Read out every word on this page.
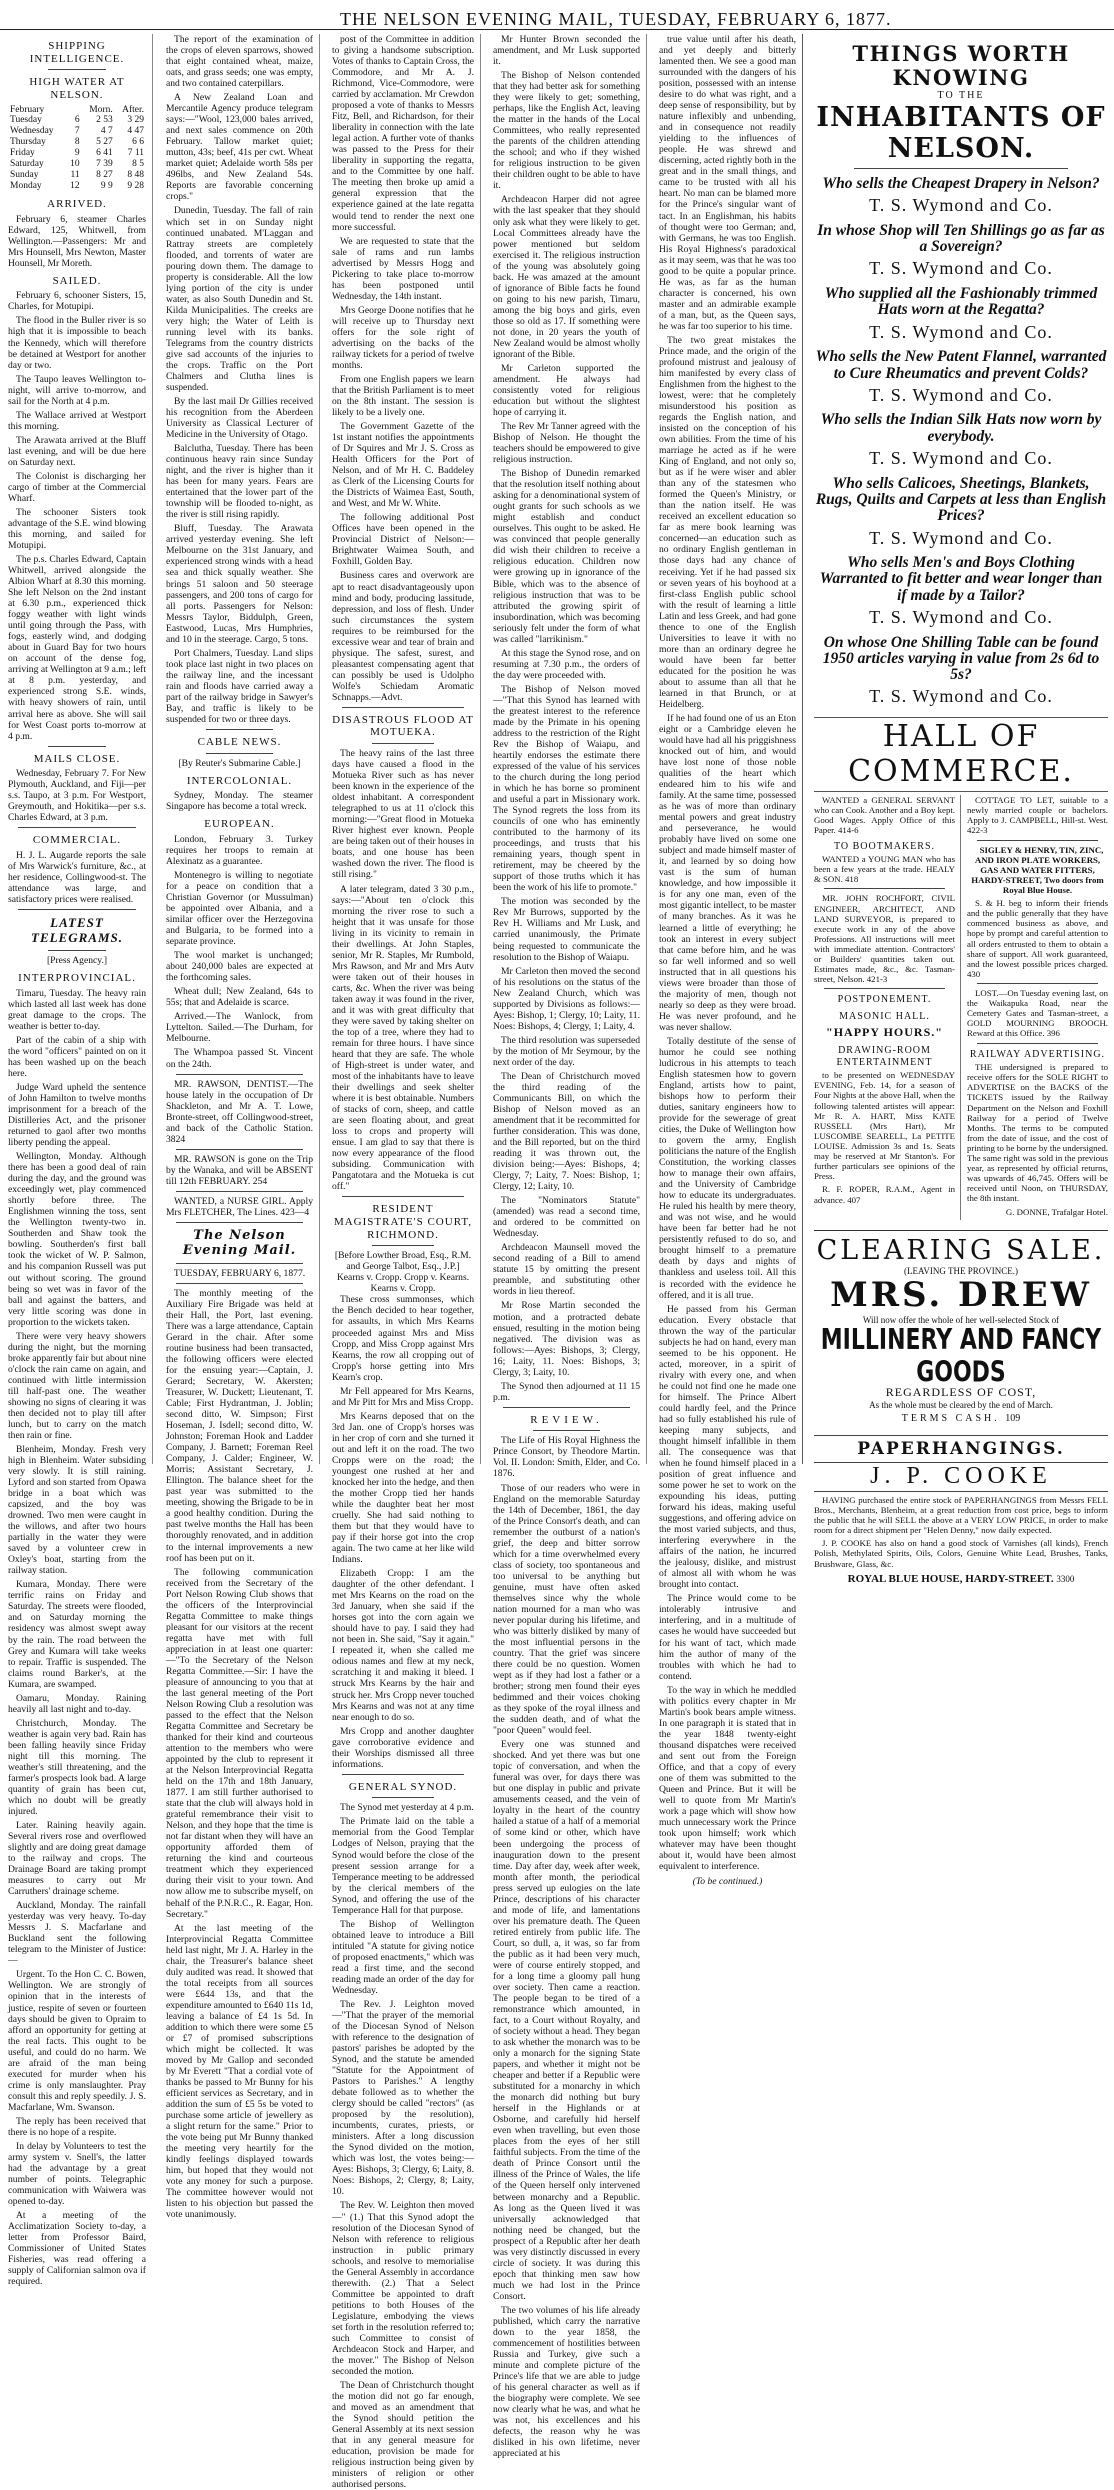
THE NELSON EVENING MAIL, TUESDAY, FEBRUARY 6, 1877.
SHIPPING INTELLIGENCE.
HIGH WATER AT NELSON.
February		Morn.	After.
Tuesday	6	2 53	3 29
Wednesday	7	4 7	4 47
Thursday	8	5 27	6 6
Friday	9	6 41	7 11
Saturday	10	7 39	8 5
Sunday	11	8 27	8 48
Monday	12	9 9	9 28
ARRIVED.

February 6, steamer Charles Edward, 125, Whitwell, from Wellington.—Passengers: Mr and Mrs Hounsell, Mrs Newton, Master Hounsell, Mr Moreth.

SAILED.

February 6, schooner Sisters, 15, Charles, for Motupipi.

The flood in the Buller river is so high that it is impossible to beach the Kennedy, which will therefore be detained at Westport for another day or two.

The Taupo leaves Wellington to-night, will arrive to-morrow, and sail for the North at 4 p.m.

The Wallace arrived at Westport this morning.

The Arawata arrived at the Bluff last evening, and will be due here on Saturday next.

The Colonist is discharging her cargo of timber at the Commercial Wharf.

The schooner Sisters took advantage of the S.E. wind blowing this morning, and sailed for Motupipi.

The p.s. Charles Edward, Captain Whitwell, arrived alongside the Albion Wharf at 8.30 this morning. She left Nelson on the 2nd instant at 6.30 p.m., experienced thick foggy weather with light winds until going through the Pass, with fogs, easterly wind, and dodging about in Guard Bay for two hours on account of the dense fog, arriving at Wellington at 9 a.m.; left at 8 p.m. yesterday, and experienced strong S.E. winds, with heavy showers of rain, until arrival here as above. She will sail for West Coast ports to-morrow at 4 p.m.

MAILS CLOSE.

Wednesday, February 7. For New Plymouth, Auckland, and Fiji—per s.s. Taupo, at 3 p.m. For Westport, Greymouth, and Hokitika—per s.s. Charles Edward, at 3 p.m.

COMMERCIAL.

H. J. L. Augarde reports the sale of Mrs Warwick's furniture, &c., at her residence, Collingwood-st. The attendance was large, and satisfactory prices were realised.

LATEST TELEGRAMS.
[Press Agency.]
INTERPROVINCIAL.

Timaru, Tuesday. The heavy rain which lasted all last week has done great damage to the crops. The weather is better to-day.

Part of the cabin of a ship with the word "officers" painted on on it has been washed up on the beach here.

Judge Ward upheld the sentence of John Hamilton to twelve months imprisonment for a breach of the Distilleries Act, and the prisoner returned to gaol after two months liberty pending the appeal.

Wellington, Monday. Although there has been a good deal of rain during the day, and the ground was exceedingly wet, play commenced shortly before three. The Englishmen winning the toss, sent the Wellington twenty-two in. Southerden and Shaw took the bowling. Southerden's first ball took the wicket of W. P. Salmon, and his companion Russell was put out without scoring. The ground being so wet was in favor of the ball and against the batters, and very little scoring was done in proportion to the wickets taken.

There were very heavy showers during the night, but the morning broke apparently fair but about nine o'clock the rain came on again, and continued with little intermission till half-past one. The weather showing no signs of clearing it was then decided not to play till after lunch, but to carry on the match then rain or fine.

Blenheim, Monday. Fresh very high in Blenheim. Water subsiding very slowly. It is still raining. Lyford and son started from Opawa bridge in a boat which was capsized, and the boy was drowned. Two men were caught in the willows, and after two hours partially in the water they were saved by a volunteer crew in Oxley's boat, starting from the railway station.

Kumara, Monday. There were terrific rains on Friday and Saturday. The streets were flooded, and on Saturday morning the residency was almost swept away by the rain. The road between the Grey and Kumara will take weeks to repair. Traffic is suspended. The claims round Barker's, at the Kumara, are swamped.

Oamaru, Monday. Raining heavily all last night and to-day.

Christchurch, Monday. The weather is again very bad. Rain has been falling heavily since Friday night till this morning. The weather's still threatening, and the farmer's prospects look bad. A large quantity of grain has been cut, which no doubt will be greatly injured.

Later. Raining heavily again. Several rivers rose and overflowed slightly and are doing great damage to the railway and crops. The Drainage Board are taking prompt measures to carry out Mr Carruthers' drainage scheme.

Auckland, Monday. The rainfall yesterday was very heavy. To-day Messrs J. S. Macfarlane and Buckland sent the following telegram to the Minister of Justice:—

Urgent. To the Hon C. C. Bowen, Wellington. We are strongly of opinion that in the interests of justice, respite of seven or fourteen days should be given to Opraim to afford an opportunity for getting at the real facts. This ought to be useful, and could do no harm. We are afraid of the man being executed for murder when his crime is only manslaughter. Pray consult this and reply speedily. J. S. Macfarlane, Wm. Swanson.

The reply has been received that there is no hope of a respite.

In delay by Volunteers to test the army system v. Snell's, the latter had the advantage by a great number of points. Telegraphic communication with Waiwera was opened to-day.

At a meeting of the Acclimatization Society to-day, a letter from Professor Baird, Commissioner of United States Fisheries, was read offering a supply of Californian salmon ova if required.

The report of the examination of the crops of eleven sparrows, showed that eight contained wheat, maize, oats, and grass seeds; one was empty, and two contained caterpillars.

A New Zealand Loan and Mercantile Agency produce telegram says:—"Wool, 123,000 bales arrived, and next sales commence on 20th February. Tallow market quiet; mutton, 43s; beef, 41s per cwt. Wheat market quiet; Adelaide worth 58s per 496lbs, and New Zealand 54s. Reports are favorable concerning crops."

Dunedin, Tuesday. The fall of rain which set in on Sunday night continued unabated. M'Laggan and Rattray streets are completely flooded, and torrents of water are pouring down them. The damage to property is considerable. All the low lying portion of the city is under water, as also South Dunedin and St. Kilda Municipalities. The creeks are very high; the Water of Leith is running level with its banks. Telegrams from the country districts give sad accounts of the injuries to the crops. Traffic on the Port Chalmers and Clutha lines is suspended.

By the last mail Dr Gillies received his recognition from the Aberdeen University as Classical Lecturer of Medicine in the University of Otago.

Balclutha, Tuesday. There has been continuous heavy rain since Sunday night, and the river is higher than it has been for many years. Fears are entertained that the lower part of the township will be flooded to-night, as the river is still rising rapidly.

Bluff, Tuesday. The Arawata arrived yesterday evening. She left Melbourne on the 31st January, and experienced strong winds with a head sea and thick squally weather. She brings 51 saloon and 50 steerage passengers, and 200 tons of cargo for all ports. Passengers for Nelson: Messrs Taylor, Biddulph, Green, Eastwood, Lucas, Mrs Humphries, and 10 in the steerage. Cargo, 5 tons.

Port Chalmers, Tuesday. Land slips took place last night in two places on the railway line, and the incessant rain and floods have carried away a part of the railway bridge in Sawyer's Bay, and traffic is likely to be suspended for two or three days.

CABLE NEWS.
[By Reuter's Submarine Cable.]
INTERCOLONIAL.

Sydney, Monday. The steamer Singapore has become a total wreck.

EUROPEAN.

London, February 3. Turkey requires her troops to remain at Alexinatz as a guarantee.

Montenegro is willing to negotiate for a peace on condition that a Christian Governor (or Mussulman) be appointed over Albania, and a similar officer over the Herzegovina and Bulgaria, to be formed into a separate province.

The wool market is unchanged; about 240,000 bales are expected at the forthcoming sales.

Wheat dull; New Zealand, 64s to 55s; that and Adelaide is scarce.

Arrived.—The Wanlock, from Lyttelton. Sailed.—The Durham, for Melbourne.

The Whampoa passed St. Vincent on the 24th.

MR. RAWSON, DENTIST.—The house lately in the occupation of Dr Shackleton, and Mr A. T. Lowe, Bronte-street, off Collingwood-street, and back of the Catholic Station. 3824

MR. RAWSON is gone on the Trip by the Wanaka, and will be ABSENT till 12th FEBRUARY. 254

WANTED, a NURSE GIRL. Apply Mrs FLETCHER, The Lines. 423—4

The Nelson Evening Mail.
TUESDAY, FEBRUARY 6, 1877.

The monthly meeting of the Auxiliary Fire Brigade was held at their Hall, the Port, last evening. There was a large attendance, Captain Gerard in the chair. After some routine business had been transacted, the following officers were elected for the ensuing year:—Captain, J. Gerard; Secretary, W. Akersten; Treasurer, W. Duckett; Lieutenant, T. Cable; First Hydrantman, J. Joblin; second ditto, W. Simpson; First Hoseman, J. Isdell; second ditto, W. Johnston; Foreman Hook and Ladder Company, J. Barnett; Foreman Reel Company, J. Calder; Engineer, W. Morris; Assistant Secretary, J. Ellington. The balance sheet for the past year was submitted to the meeting, showing the Brigade to be in a good healthy condition. During the past twelve months the Hall has been thoroughly renovated, and in addition to the internal improvements a new roof has been put on it.

The following communication received from the Secretary of the Port Nelson Rowing Club shows that the officers of the Interprovincial Regatta Committee to make things pleasant for our visitors at the recent regatta have met with full appreciation in at least one quarter:—"To the Secretary of the Nelson Regatta Committee.—Sir: I have the pleasure of announcing to you that at the last general meeting of the Port Nelson Rowing Club a resolution was passed to the effect that the Nelson Regatta Committee and Secretary be thanked for their kind and courteous attention to the members who were appointed by the club to represent it at the Nelson Interprovincial Regatta held on the 17th and 18th January, 1877. I am still further authorised to state that the club will always hold in grateful remembrance their visit to Nelson, and they hope that the time is not far distant when they will have an opportunity afforded them of returning the kind and courteous treatment which they experienced during their visit to your town. And now allow me to subscribe myself, on behalf of the P.N.R.C., R. Eagar, Hon. Secretary."

At the last meeting of the Interprovincial Regatta Committee held last night, Mr J. A. Harley in the chair, the Treasurer's balance sheet duly audited was read. It showed that the total receipts from all sources were £644 13s, and that the expenditure amounted to £640 11s 1d, leaving a balance of £4 1s 5d. In addition to which there were some £5 or £7 of promised subscriptions which might be collected. It was moved by Mr Gallop and seconded by Mr Everett "That a cordial vote of thanks be passed to Mr Bunny for his efficient services as Secretary, and in addition the sum of £5 5s be voted to purchase some article of jewellery as a slight return for the same." Prior to the vote being put Mr Bunny thanked the meeting very heartily for the kindly feelings displayed towards him, but hoped that they would not vote any money for such a purpose. The committee however would not listen to his objection but passed the vote unanimously.

post of the Committee in addition to giving a handsome subscription. Votes of thanks to Captain Cross, the Commodore, and Mr A. J. Richmond, Vice-Commodore, were carried by acclamation. Mr Crewdon proposed a vote of thanks to Messrs Fitz, Bell, and Richardson, for their liberality in connection with the late legal action. A further vote of thanks was passed to the Press for their liberality in supporting the regatta, and to the Committee by one half. The meeting then broke up amid a general expression that the experience gained at the late regatta would tend to render the next one more successful.

We are requested to state that the sale of rams and run lambs advertised by Messrs Hogg and Pickering to take place to-morrow has been postponed until Wednesday, the 14th instant.

Mrs George Doone notifies that he will receive up to Thursday next offers for the sole right of advertising on the backs of the railway tickets for a period of twelve months.

From one English papers we learn that the British Parliament is to meet on the 8th instant. The session is likely to be a lively one.

The Government Gazette of the 1st instant notifies the appointments of Dr Squires and Mr J. S. Cross as Health Officers for the Port of Nelson, and of Mr H. C. Baddeley as Clerk of the Licensing Courts for the Districts of Waimea East, South, and West, and Mr W. White.

The following additional Post Offices have been opened in the Provincial District of Nelson:—Brightwater Waimea South, and Foxhill, Golden Bay.

Business cares and overwork are apt to react disadvantageously upon mind and body, producing lassitude, depression, and loss of flesh. Under such circumstances the system requires to be reimbursed for the excessive wear and tear of brain and physique. The safest, surest, and pleasantest compensating agent that can possibly be used is Udolpho Wolfe's Schiedam Aromatic Schnapps.—Advt.

DISASTROUS FLOOD AT MOTUEKA.

The heavy rains of the last three days have caused a flood in the Motueka River such as has never been known in the experience of the oldest inhabitant. A correspondent telegraphed to us at 11 o'clock this morning:—"Great flood in Motueka River highest ever known. People are being taken out of their houses in boats, and one house has been washed down the river. The flood is still rising."

A later telegram, dated 3 30 p.m., says:—"About ten o'clock this morning the river rose to such a height that it was unsafe for those living in its vicinity to remain in their dwellings. At John Staples, senior, Mr R. Staples, Mr Rumbold, Mrs Rawson, and Mr and Mrs Autv were taken out of their houses in carts, &c. When the river was being taken away it was found in the river, and it was with great difficulty that they were saved by taking shelter on the top of a tree, where they had to remain for three hours. I have since heard that they are safe. The whole of High-street is under water, and most of the inhabitants have to leave their dwellings and seek shelter where it is best obtainable. Numbers of stacks of corn, sheep, and cattle are seen floating about, and great loss to crops and property will ensue. I am glad to say that there is now every appearance of the flood subsiding. Communication with Pangatotara and the Motueka is cut off."

RESIDENT MAGISTRATE'S COURT, RICHMOND.
[Before Lowther Broad, Esq., R.M. and George Talbot, Esq., J.P.]
Kearns v. Cropp. Cropp v. Kearns. Kearns v. Cropp.

These cross summonses, which the Bench decided to hear together, for assaults, in which Mrs Kearns proceeded against Mrs and Miss Cropp, and Miss Cropp against Mrs Kearns, the row all cropping out of Cropp's horse getting into Mrs Kearn's crop.

Mr Fell appeared for Mrs Kearns, and Mr Pitt for Mrs and Miss Cropp.

Mrs Kearns deposed that on the 3rd Jan. one of Cropp's horses was in her crop of corn and she turned it out and left it on the road. The two Cropps were on the road; the youngest one rushed at her and knocked her into the hedge, and then the mother Cropp tied her hands while the daughter beat her most cruelly. She had said nothing to them but that they would have to pay if their horse got into the crop again. The two came at her like wild Indians.

Elizabeth Cropp: I am the daughter of the other defendant. I met Mrs Kearns on the road on the 3rd January, when she said if the horses got into the corn again we should have to pay. I said they had not been in. She said, "Say it again." I repeated it, when she called me odious names and flew at my neck, scratching it and making it bleed. I struck Mrs Kearns by the hair and struck her. Mrs Cropp never touched Mrs Kearns and was not at any time near enough to do so.

Mrs Cropp and another daughter gave corroborative evidence and their Worships dismissed all three informations.

GENERAL SYNOD.

The Synod met yesterday at 4 p.m.

The Primate laid on the table a memorial from the Good Templar Lodges of Nelson, praying that the Synod would before the close of the present session arrange for a Temperance meeting to be addressed by the clerical members of the Synod, and offering the use of the Temperance Hall for that purpose.

The Bishop of Wellington obtained leave to introduce a Bill intituled "A statute for giving notice of proposed enactments," which was read a first time, and the second reading made an order of the day for Wednesday.

The Rev. J. Leighton moved—"That the prayer of the memorial of the Diocesan Synod of Nelson with reference to the designation of pastors' parishes be adopted by the Synod, and the statute be amended "Statute for the Appointment of Pastors to Parishes." A lengthy debate followed as to whether the clergy should be called "rectors" (as proposed by the resolution), incumbents, curates, priests, or ministers. After a long discussion the Synod divided on the motion, which was lost, the votes being:—Ayes: Bishops, 3; Clergy, 6; Laity, 8. Noes: Bishops, 2; Clergy, 8; Laity, 10.

The Rev. W. Leighton then moved—" (1.) That this Synod adopt the resolution of the Diocesan Synod of Nelson with reference to religious instruction in public primary schools, and resolve to memorialise the General Assembly in accordance therewith. (2.) That a Select Committee be appointed to draft petitions to both Houses of the Legislature, embodying the views set forth in the resolution referred to; such Committee to consist of Archdeacon Stock and Harper, and the mover." The Bishop of Nelson seconded the motion.

The Dean of Christchurch thought the motion did not go far enough, and moved as an amendment that the Synod should petition the General Assembly at its next session that in any general measure for education, provision be made for religious instruction being given by ministers of religion or other authorised persons.

Mr Hunter Brown seconded the amendment, and Mr Lusk supported it.

The Bishop of Nelson contended that they had better ask for something they were likely to get; something, perhaps, like the English Act, leaving the matter in the hands of the Local Committees, who really represented the parents of the children attending the school; and who if they wished for religious instruction to be given their children ought to be able to have it.

Archdeacon Harper did not agree with the last speaker that they should only ask what they were likely to get. Local Committees already have the power mentioned but seldom exercised it. The religious instruction of the young was absolutely going back. He was amazed at the amount of ignorance of Bible facts he found on going to his new parish, Timaru, among the big boys and girls, even those so old as 17. If something were not done, in 20 years the youth of New Zealand would be almost wholly ignorant of the Bible.

Mr Carleton supported the amendment. He always had consistently voted for religious education but without the slightest hope of carrying it.

The Rev Mr Tanner agreed with the Bishop of Nelson. He thought the teachers should be empowered to give religious instruction.

The Bishop of Dunedin remarked that the resolution itself nothing about asking for a denominational system of ought grants for such schools as we might establish and conduct ourselves. This ought to be asked. He was convinced that people generally did wish their children to receive a religious education. Children now were growing up in ignorance of the Bible, which was to the absence of religious instruction that was to be attributed the growing spirit of insubordination, which was becoming seriously felt under the form of what was called "larrikinism."

At this stage the Synod rose, and on resuming at 7.30 p.m., the orders of the day were proceeded with.

The Bishop of Nelson moved—"That this Synod has learned with the greatest interest to the reference made by the Primate in his opening address to the restriction of the Right Rev the Bishop of Waiapu, and heartily endorses the estimate there expressed of the value of his services to the church during the long period in which he has borne so prominent and useful a part in Missionary work. The Synod regrets the loss from its councils of one who has eminently contributed to the harmony of its proceedings, and trusts that his remaining years, though spent in retirement, may be cheered by the support of those truths which it has been the work of his life to promote."

The motion was seconded by the Rev Mr Burrows, supported by the Rev H. Williams and Mr Lusk, and carried unanimously, the Primate being requested to communicate the resolution to the Bishop of Waiapu.

Mr Carleton then moved the second of his resolutions on the status of the New Zealand Church, which was supported by Divisions as follows:—Ayes: Bishop, 1; Clergy, 10; Laity, 11. Noes: Bishops, 4; Clergy, 1; Laity, 4.

The third resolution was superseded by the motion of Mr Seymour, by the next order of the day.

The Dean of Christchurch moved the third reading of the Communicants Bill, on which the Bishop of Nelson moved as an amendment that it be recommitted for further consideration. This was done, and the Bill reported, but on the third reading it was thrown out, the division being:—Ayes: Bishops, 4; Clergy, 7; Laity, 7. Noes: Bishop, 1; Clergy, 12; Laity, 10.

The "Nominators Statute" (amended) was read a second time, and ordered to be committed on Wednesday.

Archdeacon Maunsell moved the second reading of a Bill to amend statute 15 by omitting the present preamble, and substituting other words in lieu thereof.

Mr Rose Martin seconded the motion, and a protracted debate ensued, resulting in the motion being negatived. The division was as follows:—Ayes: Bishops, 3; Clergy, 16; Laity, 11. Noes: Bishops, 3; Clergy, 3; Laity, 10.

The Synod then adjourned at 11 15 p.m.

REVIEW.

The Life of His Royal Highness the Prince Consort, by Theodore Martin. Vol. II. London: Smith, Elder, and Co. 1876.

Those of our readers who were in England on the memorable Saturday the 14th of December, 1861, the day of the Prince Consort's death, and can remember the outburst of a nation's grief, the deep and bitter sorrow which for a time overwhelmed every class of society, too spontaneous and too universal to be anything but genuine, must have often asked themselves since why the whole nation mourned for a man who was never popular during his lifetime, and who was bitterly disliked by many of the most influential persons in the country. That the grief was sincere there could be no question. Women wept as if they had lost a father or a brother; strong men found their eyes bedimmed and their voices choking as they spoke of the royal illness and the sudden death, and of what the "poor Queen" would feel.

Every one was stunned and shocked. And yet there was but one topic of conversation, and when the funeral was over, for days there was but one display in public and private amusements ceased, and the vein of loyalty in the heart of the country hailed a statue of a half of a memorial of some kind or other, which have been undergoing the process of inauguration down to the present time. Day after day, week after week, month after month, the periodical press served up eulogies on the late Prince, descriptions of his character and mode of life, and lamentations over his premature death. The Queen retired entirely from public life. The Court, so dull, a, it was, so far from the public as it had been very much, were of course entirely stopped, and for a long time a gloomy pall hung over society. Then came a reaction. The people began to be tired of a remonstrance which amounted, in fact, to a Court without Royalty, and of society without a head. They began to ask whether the monarch was to be only a monarch for the signing State papers, and whether it might not be cheaper and better if a Republic were substituted for a monarchy in which the monarch did nothing but bury herself in the Highlands or at Osborne, and carefully hid herself even when travelling, but even those places from the eyes of her still faithful subjects. From the time of the death of Prince Consort until the illness of the Prince of Wales, the life of the Queen herself only intervened between monarchy and a Republic. As long as the Queen lived it was universally acknowledged that nothing need be changed, but the prospect of a Republic after her death was very distinctly discussed in every circle of society. It was during this epoch that thinking men saw how much we had lost in the Prince Consort.

The two volumes of his life already published, which carry the narrative down to the year 1858, the commencement of hostilities between Russia and Turkey, give such a minute and complete picture of the Prince's life that we are able to judge of his general character as well as if the biography were complete. We see now clearly what he was, and what he was not, his excellences and his defects, the reason why he was disliked in his own lifetime, never appreciated at his

true value until after his death, and yet deeply and bitterly lamented then. We see a good man surrounded with the dangers of his position, possessed with an intense desire to do what was right, and a deep sense of responsibility, but by nature inflexibly and unbending, and in consequence not readily yielding to the influences of people. He was shrewd and discerning, acted rightly both in the great and in the small things, and came to be trusted with all his heart. No man can be blamed more for the Prince's singular want of tact. In an Englishman, his habits of thought were too German; and, with Germans, he was too English. His Royal Highness's paradoxical as it may seem, was that he was too good to be quite a popular prince. He was, as far as the human character is concerned, his own master and an admirable example of a man, but, as the Queen says, he was far too superior to his time.

The two great mistakes the Prince made, and the origin of the profound mistrust and jealousy of him manifested by every class of Englishmen from the highest to the lowest, were: that he completely misunderstood his position as regards the English nation, and insisted on the conception of his own abilities. From the time of his marriage he acted as if he were King of England, and not only so, but as if he were wiser and abler than any of the statesmen who formed the Queen's Ministry, or than the nation itself. He was received an excellent education so far as mere book learning was concerned—an education such as no ordinary English gentleman in those days had any chance of receiving. Yet if he had passed six or seven years of his boyhood at a first-class English public school with the result of learning a little Latin and less Greek, and had gone thence to one of the English Universities to leave it with no more than an ordinary degree he would have been far better educated for the position he was about to assume than all that he learned in that Brunch, or at Heidelberg.

If he had found one of us an Eton eight or a Cambridge eleven he would have had all his priggishness knocked out of him, and would have lost none of those noble qualities of the heart which endeared him to his wife and family. At the same time, possessed as he was of more than ordinary mental powers and great industry and perseverance, he would probably have lived on some one subject and made himself master of it, and learned by so doing how vast is the sum of human knowledge, and how impossible it is for any one man, even of the most gigantic intellect, to be master of many branches. As it was he learned a little of everything; he took an interest in every subject that came before him, and he was so far well informed and so well instructed that in all questions his views were broader than those of the majority of men, though not nearly so deep as they were broad. He was never profound, and he was never shallow.

Totally destitute of the sense of humor he could see nothing ludicrous in his attempts to teach English statesmen how to govern England, artists how to paint, bishops how to perform their duties, sanitary engineers how to provide for the sewerage of great cities, the Duke of Wellington how to govern the army, English politicians the nature of the English Constitution, the working classes how to manage their own affairs, and the University of Cambridge how to educate its undergraduates. He ruled his health by mere theory, and was not wise, and he would have been far better had he not persistently refused to do so, and brought himself to a premature death by days and nights of thankless and useless toil. All this is recorded with the evidence he offered, and it is all true.

He passed from his German education. Every obstacle that thrown the way of the particular subjects he had on hand, every man seemed to be his opponent. He acted, moreover, in a spirit of rivalry with every one, and when he could not find one he made one for himself. The Prince Albert could hardly feel, and the Prince had so fully established his rule of keeping many subjects, and thought himself infallible in them all. The consequence was that when he found himself placed in a position of great influence and some power he set to work on the expounding his ideas, putting forward his ideas, making useful suggestions, and offering advice on the most varied subjects, and thus, interfering everywhere in the affairs of the nation, he incurred the jealousy, dislike, and mistrust of almost all with whom he was brought into contact.

The Prince would come to be intolerably intrusive and interfering, and in a multitude of cases he would have succeeded but for his want of tact, which made him the author of many of the troubles with which he had to contend.

To the way in which he meddled with politics every chapter in Mr Martin's book bears ample witness. In one paragraph it is stated that in the year 1848 twenty-eight thousand dispatches were received and sent out from the Foreign Office, and that a copy of every one of them was submitted to the Queen and Prince. But it will be well to quote from Mr Martin's work a page which will show how much unnecessary work the Prince took upon himself; work which whatever may have been thought about it, would have been almost equivalent to interference.

(To be continued.)
THINGS WORTH KNOWING
TO THE
INHABITANTS OF NELSON.
Who sells the Cheapest Drapery in Nelson?
T. S. Wymond and Co.
In whose Shop will Ten Shillings go as far as a Sovereign?
T. S. Wymond and Co.
Who supplied all the Fashionably trimmed Hats worn at the Regatta?
T. S. Wymond and Co.
Who sells the New Patent Flannel, warranted to Cure Rheumatics and prevent Colds?
T. S. Wymond and Co.
Who sells the Indian Silk Hats now worn by everybody.
T. S. Wymond and Co.
Who sells Calicoes, Sheetings, Blankets, Rugs, Quilts and Carpets at less than English Prices?
T. S. Wymond and Co.
Who sells Men's and Boys Clothing Warranted to fit better and wear longer than if made by a Tailor?
T. S. Wymond and Co.
On whose One Shilling Table can be found 1950 articles varying in value from 2s 6d to 5s?
T. S. Wymond and Co.
HALL OF COMMERCE.

WANTED a GENERAL SERVANT who can Cook. Another and a Boy kept. Good Wages. Apply Office of this Paper. 414-6

TO BOOTMAKERS.

WANTED a YOUNG MAN who has been a few years at the trade. HEALY & SON. 418

MR. JOHN ROCHFORT, CIVIL ENGINEER, ARCHITECT, AND LAND SURVEYOR, is prepared to execute work in any of the above Professions. All instructions will meet with immediate attention. Contractors' or Builders' quantities taken out. Estimates made, &c., &c. Tasman-street, Nelson. 421-3

POSTPONEMENT.
MASONIC HALL.
"HAPPY HOURS."
DRAWING-ROOM ENTERTAINMENT

to be presented on WEDNESDAY EVENING, Feb. 14, for a season of Four Nights at the above Hall, when the following talented artistes will appear: Mr R. A. HART, Miss KATE RUSSELL (Mrs Hart), Mr LUSCOMBE SEARELL, La PETITE LOUISE. Admission 3s and 1s. Seats may be reserved at Mr Stanton's. For further particulars see opinions of the Press.

R. F. ROPER, R.A.M., Agent in advance. 407

COTTAGE TO LET, suitable to a newly married couple or bachelors. Apply to J. CAMPBELL, Hill-st. West. 422-3

SIGLEY & HENRY, TIN, ZINC, AND IRON PLATE WORKERS, GAS AND WATER FITTERS, HARDY-STREET, Two doors from Royal Blue House.

S. & H. beg to inform their friends and the public generally that they have commenced business as above, and hope by prompt and careful attention to all orders entrusted to them to obtain a share of support. All work guaranteed, and the lowest possible prices charged. 430

LOST.—On Tuesday evening last, on the Waikapuka Road, near the Cemetery Gates and Tasman-street, a GOLD MOURNING BROOCH. Reward at this Office. 396

RAILWAY ADVERTISING.

THE undersigned is prepared to receive offers for the SOLE RIGHT to ADVERTISE on the BACKS of the TICKETS issued by the Railway Department on the Nelson and Foxhill Railway for a period of Twelve Months. The terms to be computed from the date of issue, and the cost of printing to be borne by the undersigned. The same right was sold in the previous year, as represented by official returns, was upwards of 46,745. Offers will be received until Noon, on THURSDAY, the 8th instant.

G. DONNE, Trafalgar Hotel.

CLEARING SALE.
(LEAVING THE PROVINCE.)
MRS. DREW
Will now offer the whole of her well-selected Stock of
MILLINERY AND FANCY GOODS
REGARDLESS OF COST,
As the whole must be cleared by the end of March.
TERMS CASH. 109
PAPERHANGINGS.
J. P. COOKE

HAVING purchased the entire stock of PAPERHANGINGS from Messrs FELL Bros., Merchants, Blenheim, at a great reduction from cost price, begs to inform the public that he will SELL the above at a VERY LOW PRICE, in order to make room for a direct shipment per "Helen Denny," now daily expected.

J. P. COOKE has also on hand a good stock of Varnishes (all kinds), French Polish, Methylated Spirits, Oils, Colors, Genuine White Lead, Brushes, Tanks, Brushware, Glass, &c.

ROYAL BLUE HOUSE, HARDY-STREET. 3300
